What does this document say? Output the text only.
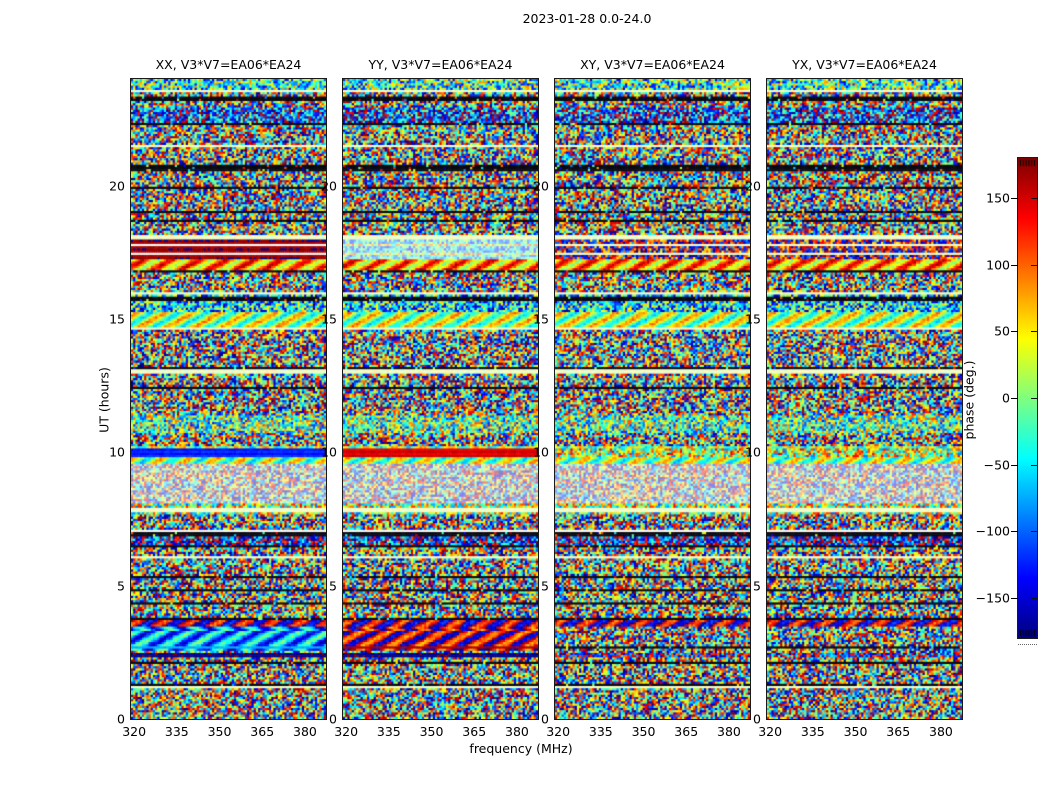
2023-01-28 0.0-24.0
UT (hours)
frequency (MHz)
XX, V3*V7=EA06*EA24
320 335 350 365 380
0
5
10
15
20
YY, V3*V7=EA06*EA24
320 335 350 365 380
0
5
10
15
20
XY, V3*V7=EA06*EA24
320 335 350 365 380
0
5
10
15
20
YX, V3*V7=EA06*EA24
320 335 350 365 380
0
5
10
15
20
phase (deg.)
150
100
50
0
−50
−100
−150
